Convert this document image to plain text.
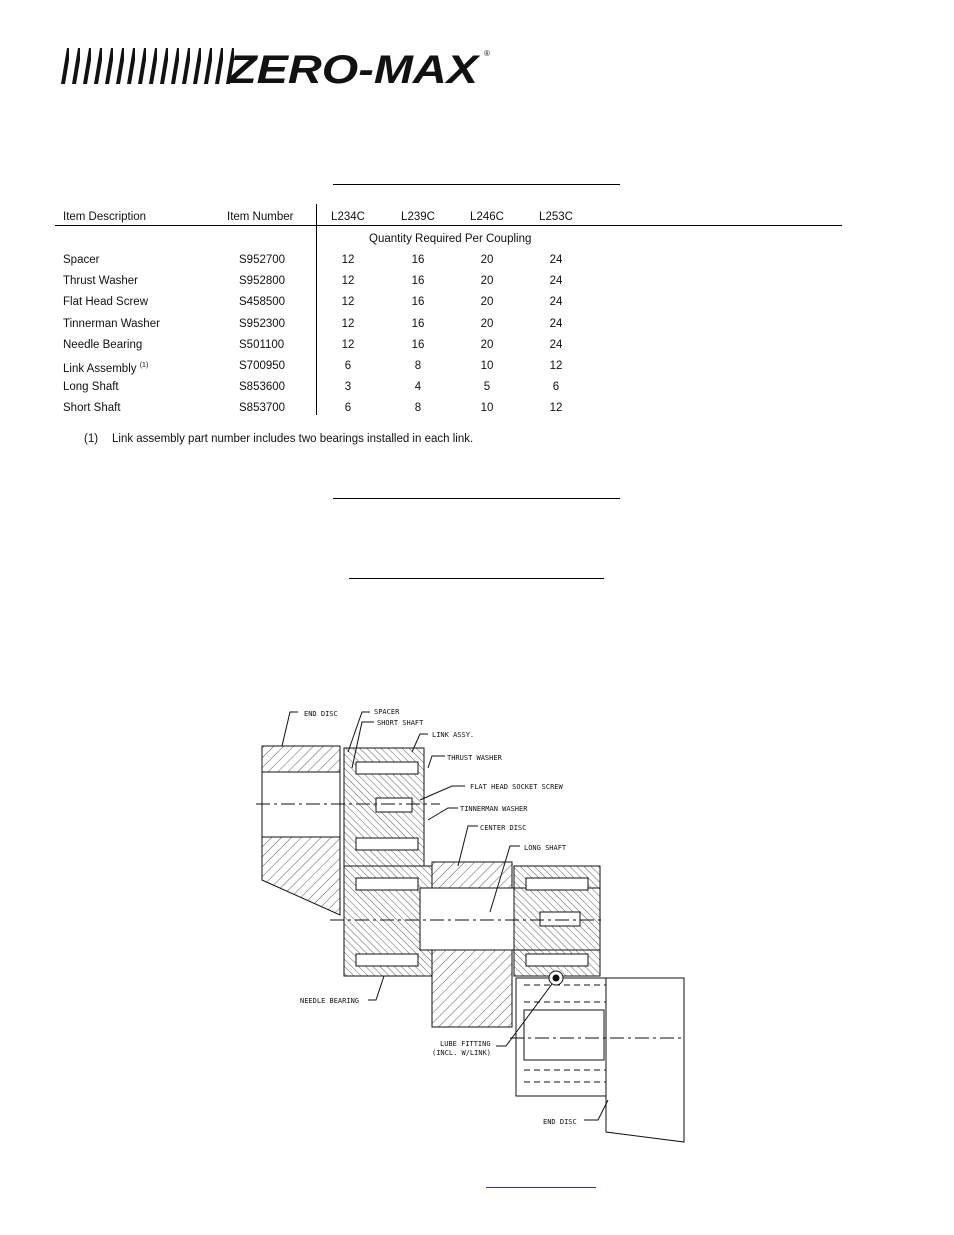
ZERO-MAX ®
Item Description	Item Number	L234C	L239C	L246C	L253C
Quantity Required Per Coupling
Spacer	S952700	12	16	20	24
Thrust Washer	S952800	12	16	20	24
Flat Head Screw	S458500	12	16	20	24
Tinnerman Washer	S952300	12	16	20	24
Needle Bearing	S501100	12	16	20	24
Link Assembly $^{(1)}$	S700950	6	8	10	12
Long Shaft	S853600	3	4	5	6
Short Shaft	S853700	6	8	10	12
(1) Link assembly part number includes two bearings installed in each link.
END DISC	SPACER
SHORT SHAFT
LINK ASSY.
THRUST WASHER
FLAT HEAD SOCKET SCREW
TINNERMAN WASHER
CENTER DISC
LONG SHAFT
NEEDLE BEARING
LUBE FITTING
(INCL. W/LINK)
END DISC
